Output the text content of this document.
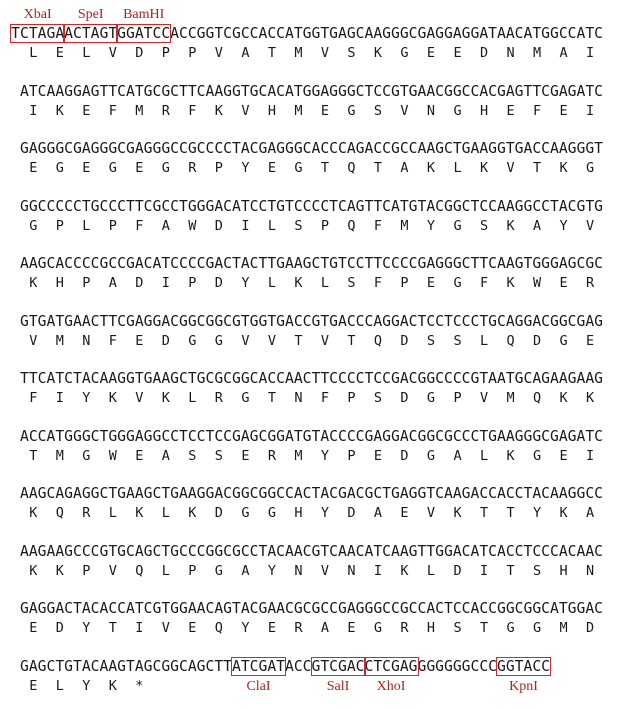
TCTAGAACTAGTGGATCCACCGGTCGCCACCATGGTGAGCAAGGGCGAGGAGGATAACATGGCCATC
XbaI SpeI BamHI
L	E	L	V	D	P	P	V	A	T	M	V	S	K	G	E	E	D	N	M	A	I
ATCAAGGAGTTCATGCGCTTCAAGGTGCACATGGAGGGCTCCGTGAACGGCCACGAGTTCGAGATC
I	K	E	F	M	R	F	K	V	H	M	E	G	S	V	N	G	H	E	F	E	I
GAGGGCGAGGGCGAGGGCCGCCCCTACGAGGGCACCCAGACCGCCAAGCTGAAGGTGACCAAGGGT
E	G	E	G	E	G	R	P	Y	E	G	T	Q	T	A	K	L	K	V	T	K	G
GGCCCCCTGCCCTTCGCCTGGGACATCCTGTCCCCTCAGTTCATGTACGGCTCCAAGGCCTACGTG
G	P	L	P	F	A	W	D	I	L	S	P	Q	F	M	Y	G	S	K	A	Y	V
AAGCACCCCGCCGACATCCCCGACTACTTGAAGCTGTCCTTCCCCGAGGGCTTCAAGTGGGAGCGC
K	H	P	A	D	I	P	D	Y	L	K	L	S	F	P	E	G	F	K	W	E	R
GTGATGAACTTCGAGGACGGCGGCGTGGTGACCGTGACCCAGGACTCCTCCCTGCAGGACGGCGAG
V	M	N	F	E	D	G	G	V	V	T	V	T	Q	D	S	S	L	Q	D	G	E
TTCATCTACAAGGTGAAGCTGCGCGGCACCAACTTCCCCTCCGACGGCCCCGTAATGCAGAAGAAG
F	I	Y	K	V	K	L	R	G	T	N	F	P	S	D	G	P	V	M	Q	K	K
ACCATGGGCTGGGAGGCCTCCTCCGAGCGGATGTACCCCGAGGACGGCGCCCTGAAGGGCGAGATC
T	M	G	W	E	A	S	S	E	R	M	Y	P	E	D	G	A	L	K	G	E	I
AAGCAGAGGCTGAAGCTGAAGGACGGCGGCCACTACGACGCTGAGGTCAAGACCACCTACAAGGCC
K	Q	R	L	K	L	K	D	G	G	H	Y	D	A	E	V	K	T	T	Y	K	A
AAGAAGCCCGTGCAGCTGCCCGGCGCCTACAACGTCAACATCAAGTTGGACATCACCTCCCACAAC
K	K	P	V	Q	L	P	G	A	Y	N	V	N	I	K	L	D	I	T	S	H	N
GAGGACTACACCATCGTGGAACAGTACGAACGCGCCGAGGGCCGCCACTCCACCGGCGGCATGGAC
E	D	Y	T	I	V	E	Q	Y	E	R	A	E	G	R	H	S	T	G	G	M	D
GAGCTGTACAAGTAGCGGCAGCTTATCGATACCGTCGACCTCGAGGGGGGGCCCGGTACC
ClaI	SalI XhoI	KpnI
E	L	Y	K	*
